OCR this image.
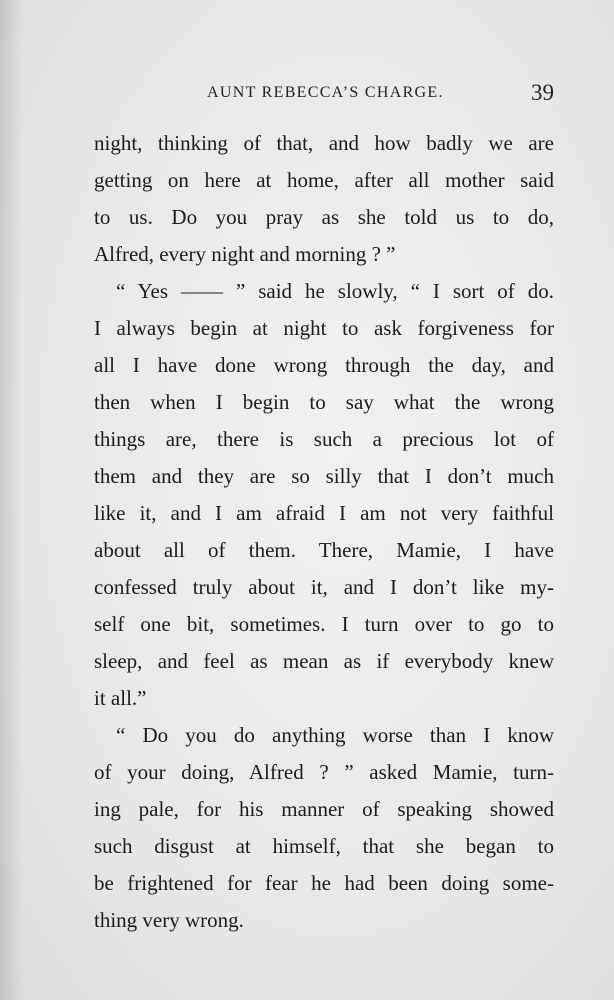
AUNT REBECCA’S CHARGE.	39
night, thinking of that, and how badly we are
getting on here at home, after all mother said
to us. Do you pray as she told us to do,
Alfred, every night and morning ? ”
“ Yes —— ” said he slowly, “ I sort of do.
I always begin at night to ask forgiveness for
all I have done wrong through the day, and
then when I begin to say what the wrong
things are, there is such a precious lot of
them and they are so silly that I don’t much
like it, and I am afraid I am not very faithful
about all of them. There, Mamie, I have
confessed truly about it, and I don’t like my-
self one bit, sometimes. I turn over to go to
sleep, and feel as mean as if everybody knew
it all.”
“ Do you do anything worse than I know
of your doing, Alfred ? ” asked Mamie, turn-
ing pale, for his manner of speaking showed
such disgust at himself, that she began to
be frightened for fear he had been doing some-
thing very wrong.
